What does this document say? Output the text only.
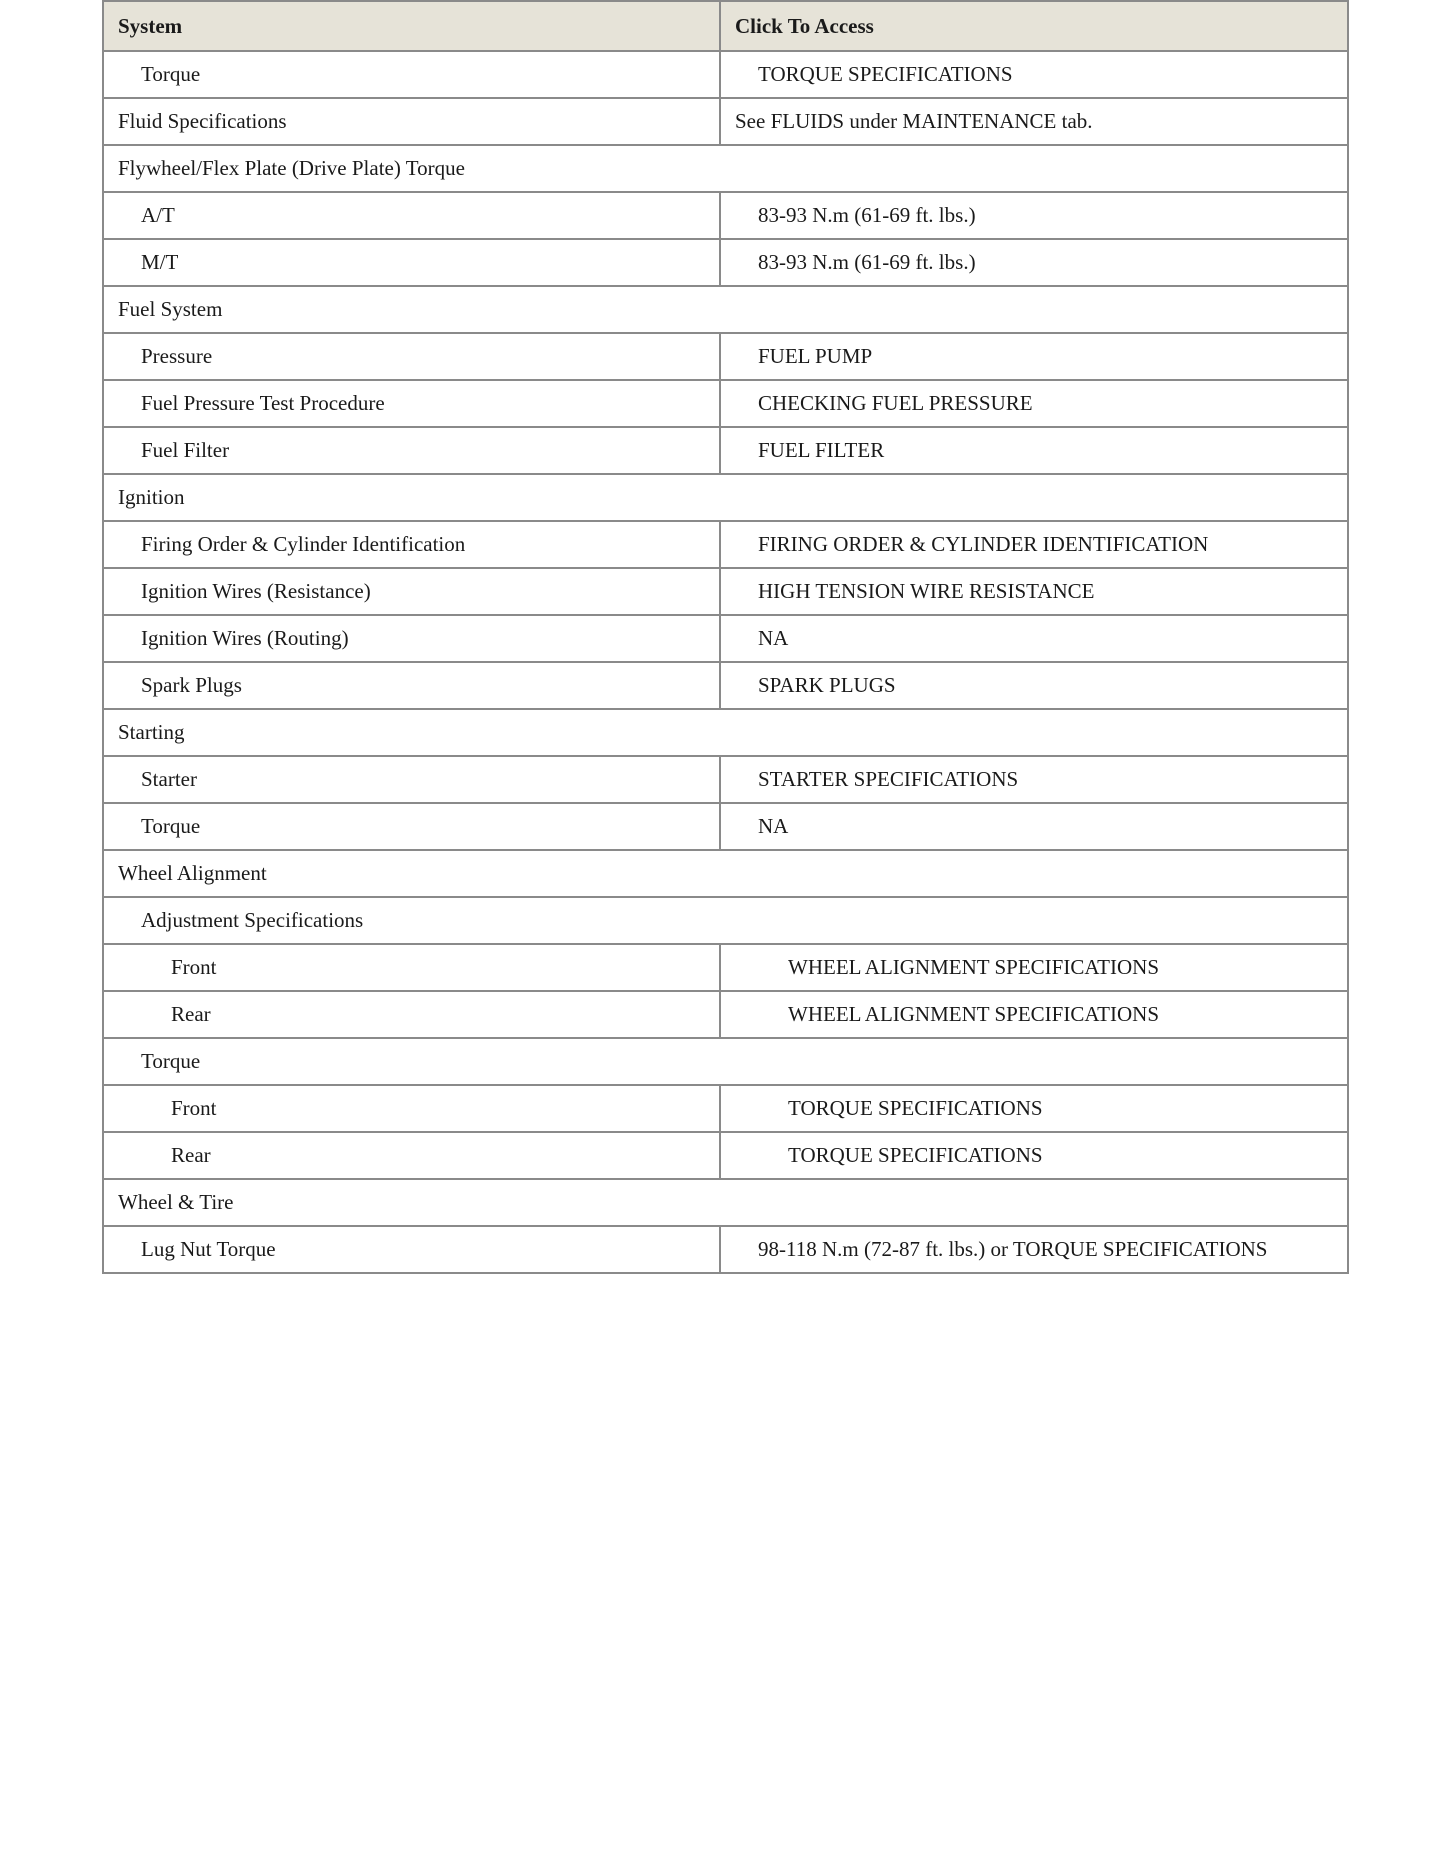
System	Click To Access
Torque	TORQUE SPECIFICATIONS
Fluid Specifications	See FLUIDS under MAINTENANCE tab.
Flywheel/Flex Plate (Drive Plate) Torque	
A/T	83-93 N.m (61-69 ft. lbs.)
M/T	83-93 N.m (61-69 ft. lbs.)
Fuel System	
Pressure	FUEL PUMP
Fuel Pressure Test Procedure	CHECKING FUEL PRESSURE
Fuel Filter	FUEL FILTER
Ignition	
Firing Order & Cylinder Identification	FIRING ORDER & CYLINDER IDENTIFICATION
Ignition Wires (Resistance)	HIGH TENSION WIRE RESISTANCE
Ignition Wires (Routing)	NA
Spark Plugs	SPARK PLUGS
Starting	
Starter	STARTER SPECIFICATIONS
Torque	NA
Wheel Alignment	
Adjustment Specifications	
Front	WHEEL ALIGNMENT SPECIFICATIONS
Rear	WHEEL ALIGNMENT SPECIFICATIONS
Torque	
Front	TORQUE SPECIFICATIONS
Rear	TORQUE SPECIFICATIONS
Wheel & Tire	
Lug Nut Torque	98-118 N.m (72-87 ft. lbs.) or TORQUE SPECIFICATIONS
